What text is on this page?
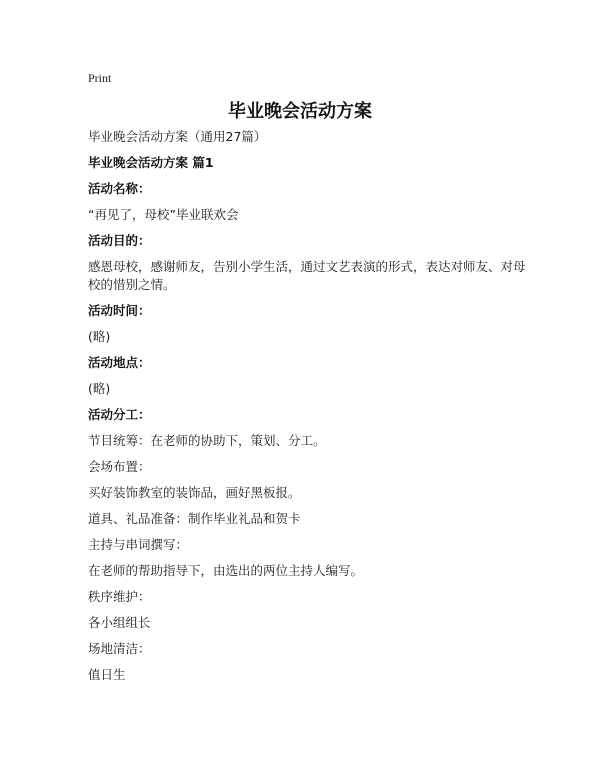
Print
毕业晚会活动方案

毕业晚会活动方案（通用27篇）

毕业晚会活动方案 篇1

活动名称：

“再见了，母校”毕业联欢会

活动目的：

感恩母校，感谢师友，告别小学生活，通过文艺表演的形式，表达对师友、对母校的惜别之情。

活动时间：

(略)

活动地点：

(略)

活动分工：

节目统筹：在老师的协助下，策划、分工。

会场布置：

买好装饰教室的装饰品，画好黑板报。

道具、礼品准备：制作毕业礼品和贺卡

主持与串词撰写：

在老师的帮助指导下，由选出的两位主持人编写。

秩序维护：

各小组组长

场地清洁：

值日生
